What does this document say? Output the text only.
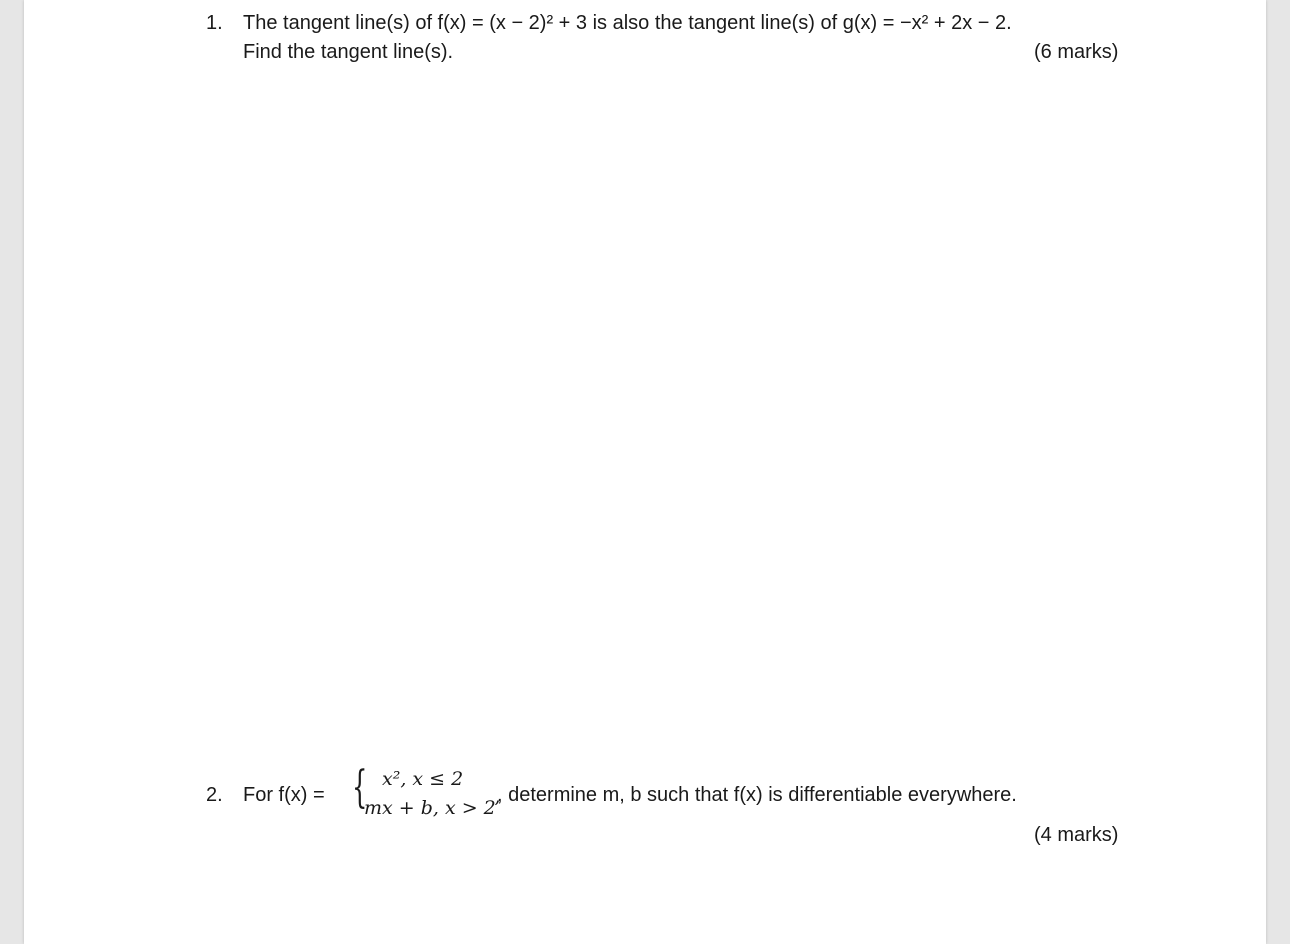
1. The tangent line(s) of f(x) = (x − 2)² + 3 is also the tangent line(s) of g(x) = −x² + 2x − 2.
Find the tangent line(s).	(6 marks)
2. For f(x) = { x², x ≤ 2
mx + b, x > 2
’
, determine m, b such that f(x) is differentiable everywhere.
(4 marks)
